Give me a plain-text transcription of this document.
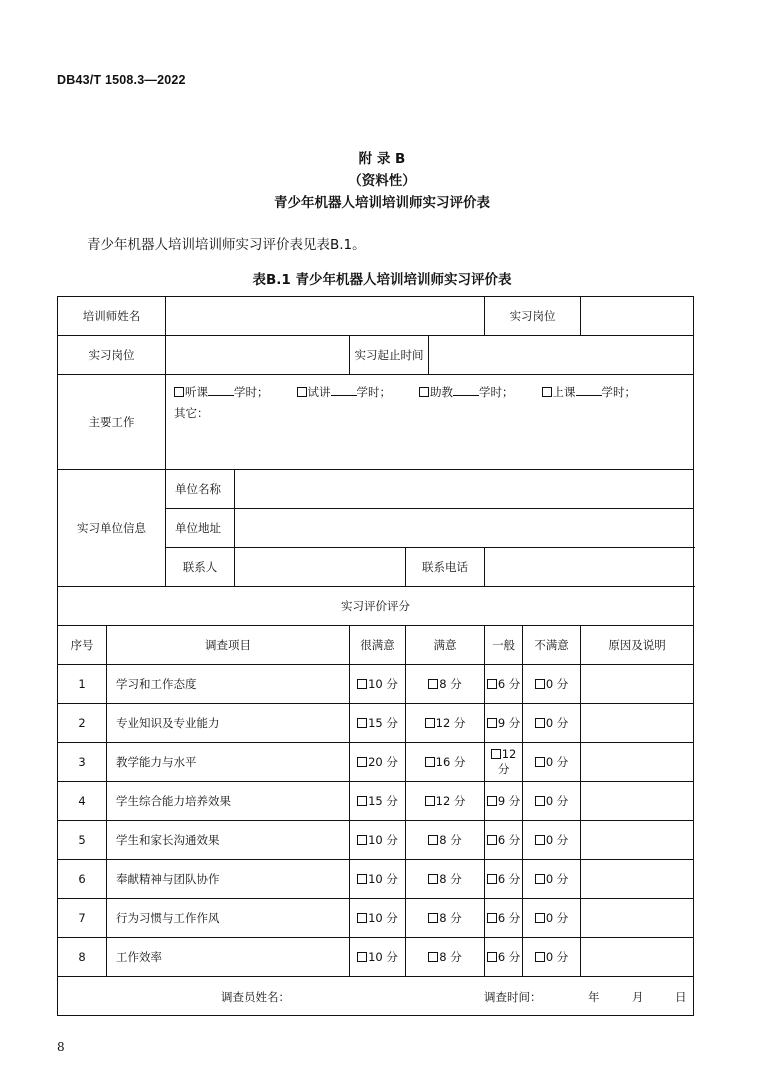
DB43/T 1508.3—2022
附 录 B
（资料性）
青少年机器人培训培训师实习评价表
青少年机器人培训培训师实习评价表见表B.1。
表B.1 青少年机器人培训培训师实习评价表
培训师姓名							实习岗位		
实习岗位				实习起止时间					
主要工作		听课 学时； 试讲 学时； 助教 学时； 上课 学时；
其它：							

实习单位信息		单位名称							
		单位地址							
		联系人			联系电话				
实习评价评分									
序号	调查项目			很满意	满意		一般	不满意	原因及说明
1	学习和工作态度			10 分	8 分		6 分	0 分	
2	专业知识及专业能力			15 分	12 分		9 分	0 分	
3	教学能力与水平			20 分	16 分		12 分	0 分	
4	学生综合能力培养效果			15 分	12 分		9 分	0 分	
5	学生和家长沟通效果			10 分	8 分		6 分	0 分	
6	奉献精神与团队协作			10 分	8 分		6 分	0 分	
7	行为习惯与工作作风			10 分	8 分		6 分	0 分	
8	工作效率			10 分	8 分		6 分	0 分	

调查员姓名： 调查时间： 年 月 日									
8
